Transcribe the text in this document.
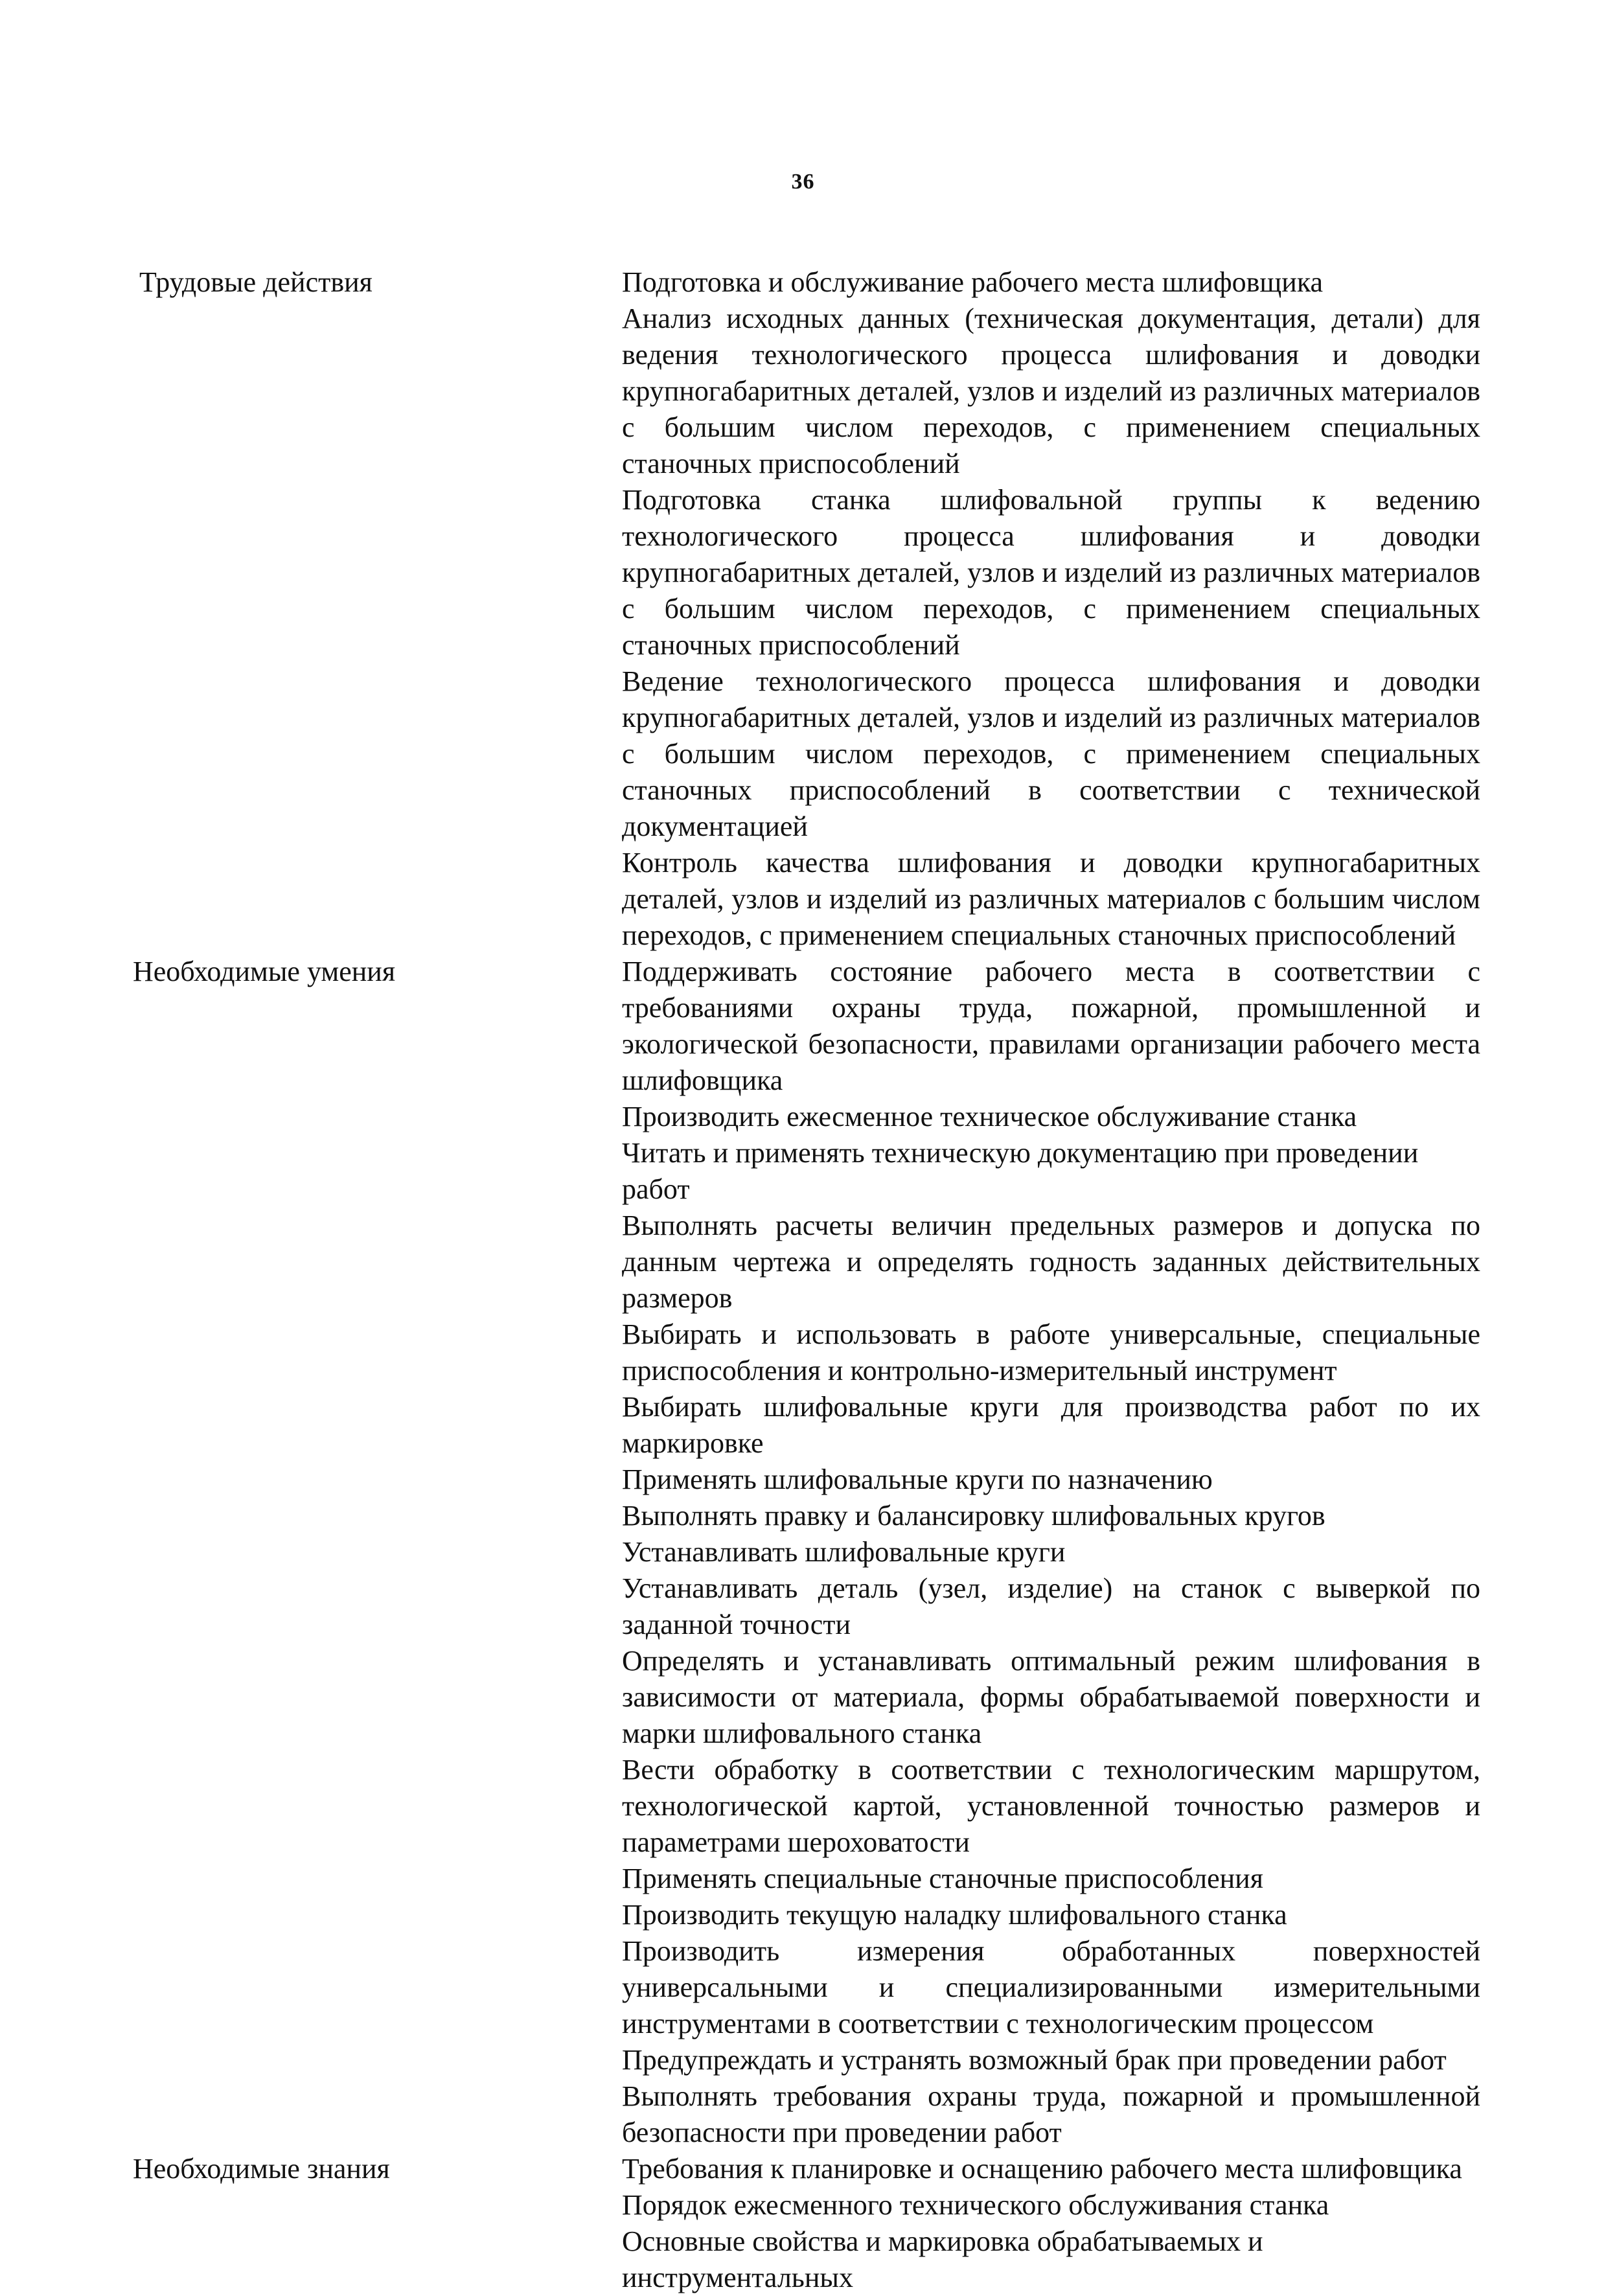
36
Трудовые действия	Подготовка и обслуживание рабочего места шлифовщика

Анализ исходных данных (техническая документация, детали) для ведения технологического процесса шлифования и доводки крупногабаритных деталей, узлов и изделий из различных материалов с большим числом переходов, с применением специальных станочных приспособлений

Подготовка станка шлифовальной группы к ведению технологического процесса шлифования и доводки крупногабаритных деталей, узлов и изделий из различных материалов с большим числом переходов, с применением специальных станочных приспособлений

Ведение технологического процесса шлифования и доводки крупногабаритных деталей, узлов и изделий из различных материалов с большим числом переходов, с применением специальных станочных приспособлений в соответствии с технической документацией

Контроль качества шлифования и доводки крупногабаритных деталей, узлов и изделий из различных материалов с большим числом переходов, с применением специальных станочных приспособлений

Необходимые умения	Поддерживать состояние рабочего места в соответствии с требованиями охраны труда, пожарной, промышленной и экологической безопасности, правилами организации рабочего места шлифовщика

Производить ежесменное техническое обслуживание станка

Читать и применять техническую документацию при проведении работ

Выполнять расчеты величин предельных размеров и допуска по данным чертежа и определять годность заданных действительных размеров

Выбирать и использовать в работе универсальные, специальные приспособления и контрольно-измерительный инструмент

Выбирать шлифовальные круги для производства работ по их маркировке

Применять шлифовальные круги по назначению

Выполнять правку и балансировку шлифовальных кругов

Устанавливать шлифовальные круги

Устанавливать деталь (узел, изделие) на станок с выверкой по заданной точности

Определять и устанавливать оптимальный режим шлифования в зависимости от материала, формы обрабатываемой поверхности и марки шлифовального станка

Вести обработку в соответствии с технологическим маршрутом, технологической картой, установленной точностью размеров и параметрами шероховатости

Применять специальные станочные приспособления

Производить текущую наладку шлифовального станка

Производить измерения обработанных поверхностей универсальными и специализированными измерительными инструментами в соответствии с технологическим процессом

Предупреждать и устранять возможный брак при проведении работ

Выполнять требования охраны труда, пожарной и промышленной безопасности при проведении работ

Необходимые знания	Требования к планировке и оснащению рабочего места шлифовщика

Порядок ежесменного технического обслуживания станка

Основные свойства и маркировка обрабатываемых и инструментальных
